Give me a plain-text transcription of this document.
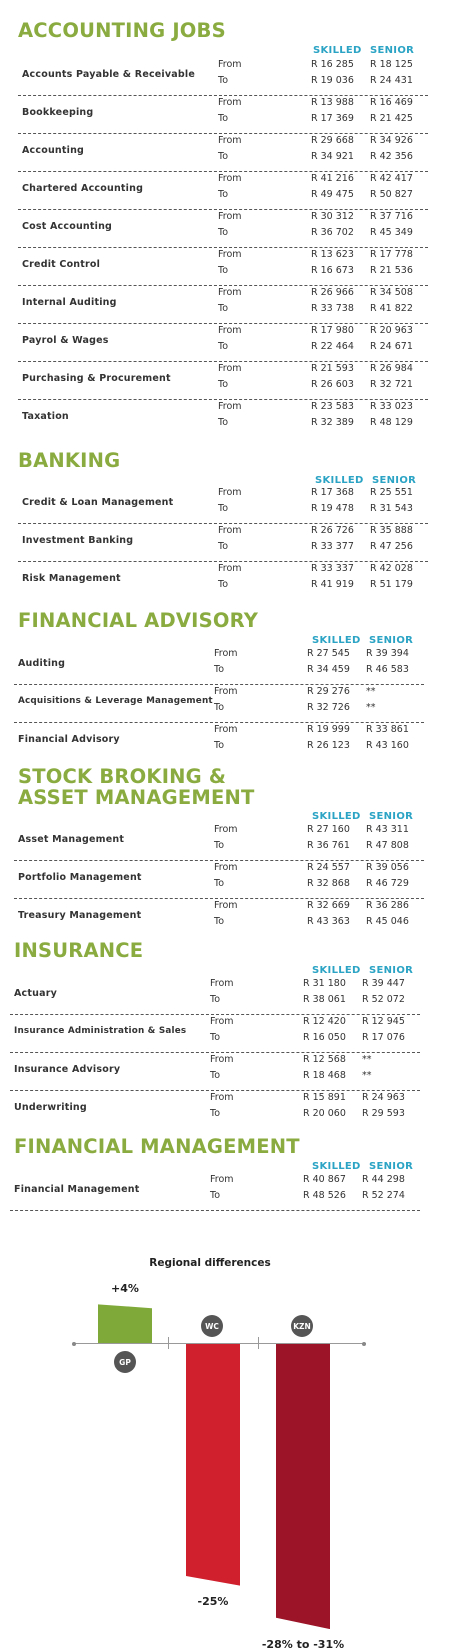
ACCOUNTING JOBS
SKILLED SENIOR
Accounts Payable & Receivable
From	R 16 285 R 18 125
To	R 19 036 R 24 431
Bookkeeping
From	R 13 988 R 16 469
To	R 17 369 R 21 425
Accounting
From	R 29 668 R 34 926
To	R 34 921 R 42 356
Chartered Accounting
From	R 41 216 R 42 417
To	R 49 475 R 50 827
Cost Accounting
From	R 30 312 R 37 716
To	R 36 702 R 45 349
Credit Control
From	R 13 623 R 17 778
To	R 16 673 R 21 536
Internal Auditing
From	R 26 966 R 34 508
To	R 33 738 R 41 822
Payrol & Wages
From	R 17 980 R 20 963
To	R 22 464 R 24 671
Purchasing & Procurement
From	R 21 593 R 26 984
To	R 26 603 R 32 721
Taxation
From	R 23 583 R 33 023
To	R 32 389 R 48 129
BANKING
SKILLED SENIOR
Credit & Loan Management
From	R 17 368 R 25 551
To	R 19 478 R 31 543
Investment Banking
From	R 26 726 R 35 888
To	R 33 377 R 47 256
Risk Management
From	R 33 337 R 42 028
To	R 41 919 R 51 179
FINANCIAL ADVISORY
SKILLED SENIOR
Auditing
From	R 27 545 R 39 394
To	R 34 459 R 46 583
Acquisitions & Leverage Management
From	R 29 276 **
To	R 32 726 **
Financial Advisory
From	R 19 999 R 33 861
To	R 26 123 R 43 160
STOCK BROKING &
ASSET MANAGEMENT
SKILLED SENIOR
Asset Management
From	R 27 160 R 43 311
To	R 36 761 R 47 808
Portfolio Management
From	R 24 557 R 39 056
To	R 32 868 R 46 729
Treasury Management
From	R 32 669 R 36 286
To	R 43 363 R 45 046
INSURANCE
SKILLED SENIOR
Actuary
From	R 31 180 R 39 447
To	R 38 061 R 52 072
Insurance Administration & Sales
From	R 12 420 R 12 945
To	R 16 050 R 17 076
Insurance Advisory
From	R 12 568 **
To	R 18 468 **
Underwriting
From	R 15 891 R 24 963
To	R 20 060 R 29 593
FINANCIAL MANAGEMENT
SKILLED SENIOR
Financial Management
From	R 40 867 R 44 298
To	R 48 526 R 52 274
Regional differences
GP
+4%
WC
-25%
KZN
-28% to -31%
